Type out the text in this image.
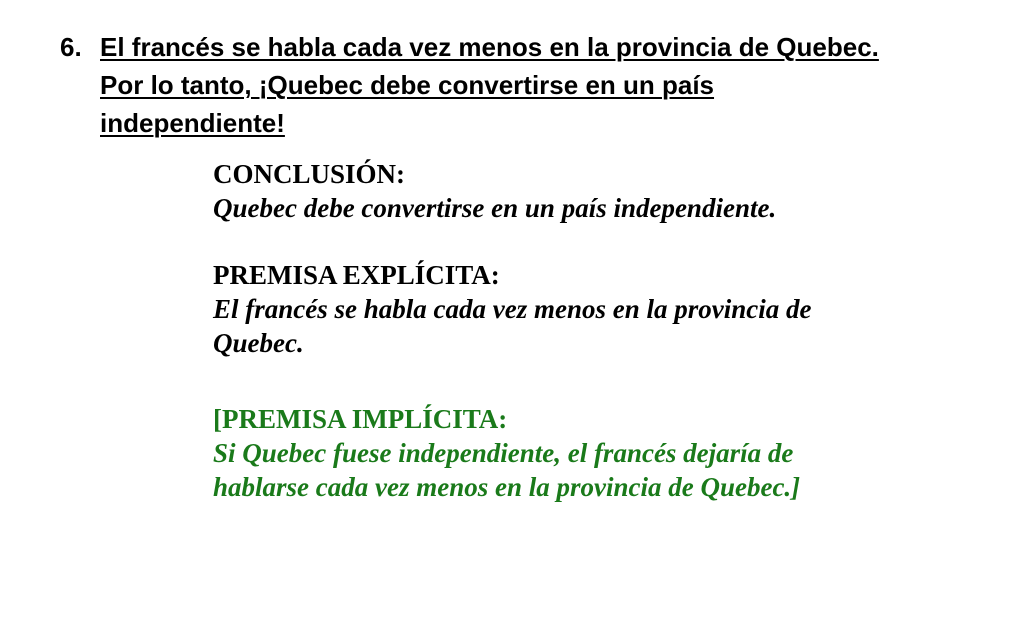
6. El francés se habla cada vez menos en la provincia de Quebec.
Por lo tanto, ¡Quebec debe convertirse en un país
independiente!
CONCLUSIÓN:
Quebec debe convertirse en un país independiente.
PREMISA EXPLÍCITA:
El francés se habla cada vez menos en la provincia de
Quebec.
[PREMISA IMPLÍCITA:
Si Quebec fuese independiente, el francés dejaría de
hablarse cada vez menos en la provincia de Quebec.]
